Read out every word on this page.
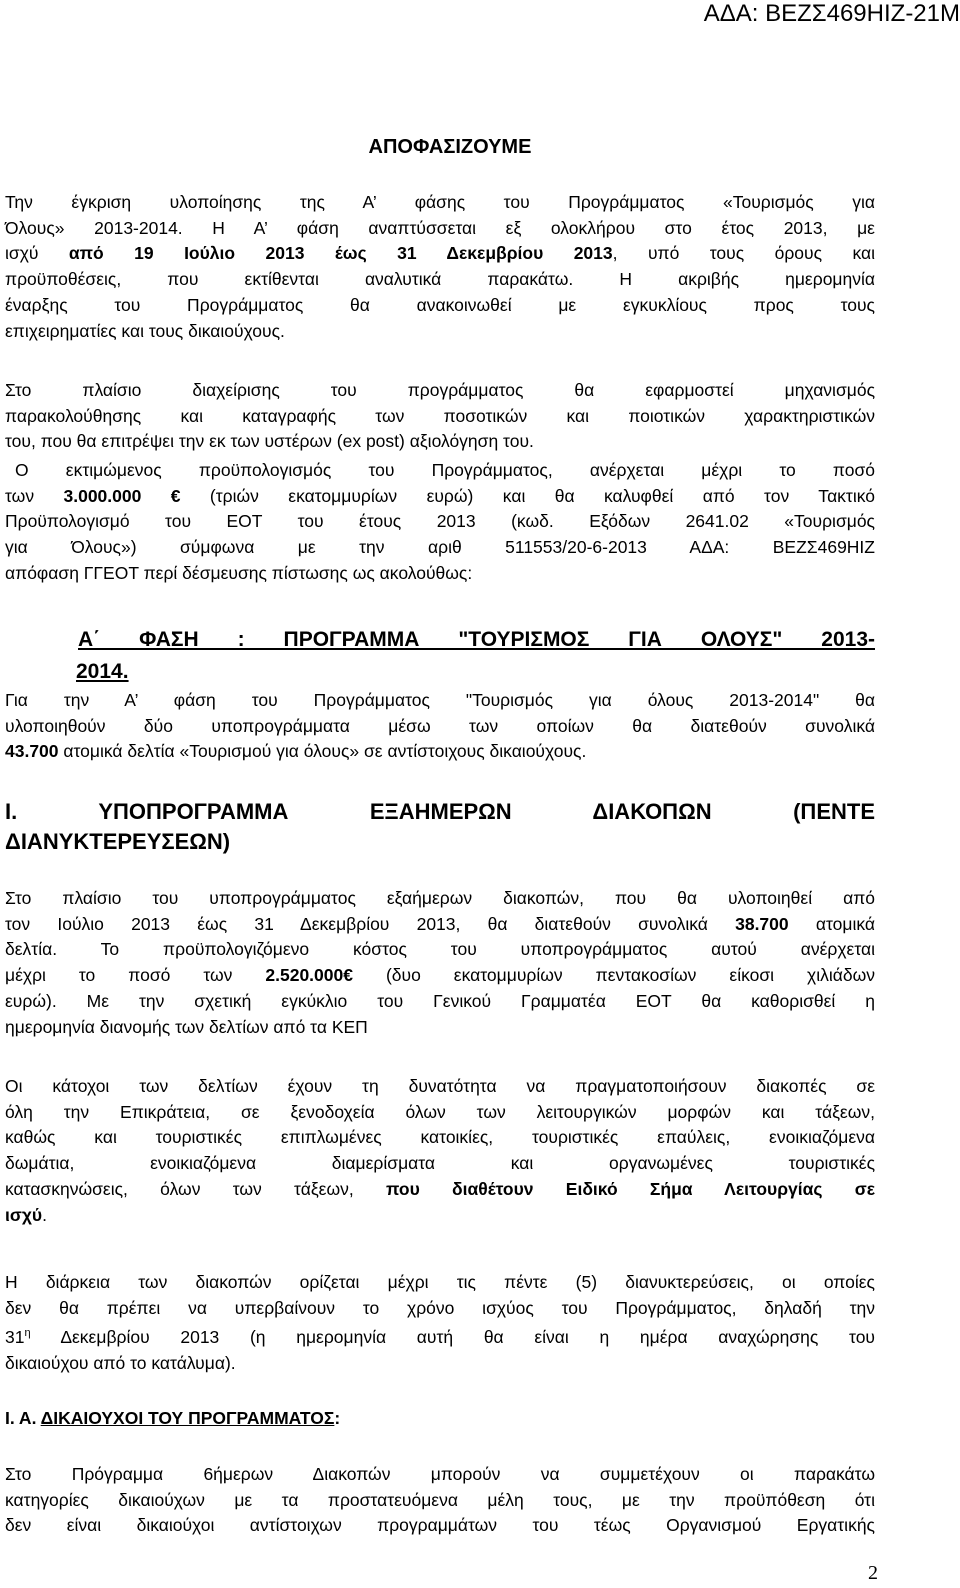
ΑΔΑ: ΒΕΖΣ469ΗΙΖ-21Μ
ΑΠΟΦΑΣΙΖΟΥΜΕ
Την έγκριση υλοποίησης της Α’ φάσης του Προγράμματος «Τουρισμός για
Όλους» 2013-2014. Η Α’ φάση αναπτύσσεται εξ ολοκλήρου στο έτος 2013, με
ισχύ από 19 Ιούλιο 2013 έως 31 Δεκεμβρίου 2013, υπό τους όρους και
προϋποθέσεις, που εκτίθενται αναλυτικά παρακάτω. Η ακριβής ημερομηνία
έναρξης του Προγράμματος θα ανακοινωθεί με εγκυκλίους προς τους
επιχειρηματίες και τους δικαιούχους.
Στο πλαίσιο διαχείρισης του προγράμματος θα εφαρμοστεί μηχανισμός
παρακολούθησης και καταγραφής των ποσοτικών και ποιοτικών χαρακτηριστικών
του, που θα επιτρέψει την εκ των υστέρων (ex post) αξιολόγηση του.
Ο εκτιμώμενος προϋπολογισμός του Προγράμματος, ανέρχεται μέχρι το ποσό
των 3.000.000 € (τριών εκατομμυρίων ευρώ) και θα καλυφθεί από τον Τακτικό
Προϋπολογισμό του ΕΟΤ του έτους 2013 (κωδ. Εξόδων 2641.02 «Τουρισμός
για Όλους») σύμφωνα με την αριθ 511553/20-6-2013 ΑΔΑ: ΒΕΖΣ469ΗΙΖ
απόφαση ΓΓΕΟΤ περί δέσμευσης πίστωσης ως ακολούθως:
Α΄ ΦΑΣΗ : ΠΡΟΓΡΑΜΜΑ "ΤΟΥΡΙΣΜΟΣ ΓΙΑ ΟΛΟΥΣ" 2013-
2014.
Για την Α’ φάση του Προγράμματος "Τουρισμός για όλους 2013-2014" θα
υλοποιηθούν δύο υποπρογράμματα μέσω των οποίων θα διατεθούν συνολικά
43.700 ατομικά δελτία «Τουρισμού για όλους» σε αντίστοιχους δικαιούχους.
Ι. ΥΠΟΠΡΟΓΡΑΜΜΑ ΕΞΑΗΜΕΡΩΝ ΔΙΑΚΟΠΩΝ (ΠΕΝΤΕ
ΔΙΑΝΥΚΤΕΡΕΥΣΕΩΝ)
Στο πλαίσιο του υποπρογράμματος εξαήμερων διακοπών, που θα υλοποιηθεί από
τον Ιούλιο 2013 έως 31 Δεκεμβρίου 2013, θα διατεθούν συνολικά 38.700 ατομικά
δελτία. Το προϋπολογιζόμενο κόστος του υποπρογράμματος αυτού ανέρχεται
μέχρι το ποσό των 2.520.000€ (δυο εκατομμυρίων πεντακοσίων είκοσι χιλιάδων
ευρώ). Με την σχετική εγκύκλιο του Γενικού Γραμματέα ΕΟΤ θα καθορισθεί η
ημερομηνία διανομής των δελτίων από τα ΚΕΠ
Οι κάτοχοι των δελτίων έχουν τη δυνατότητα να πραγματοποιήσουν διακοπές σε
όλη την Επικράτεια, σε ξενοδοχεία όλων των λειτουργικών μορφών και τάξεων,
καθώς και τουριστικές επιπλωμένες κατοικίες, τουριστικές επαύλεις, ενοικιαζόμενα
δωμάτια, ενοικιαζόμενα διαμερίσματα και οργανωμένες τουριστικές
κατασκηνώσεις, όλων των τάξεων, που διαθέτουν Ειδικό Σήμα Λειτουργίας σε
ισχύ.
Η διάρκεια των διακοπών ορίζεται μέχρι τις πέντε (5) διανυκτερεύσεις, οι οποίες
δεν θα πρέπει να υπερβαίνουν το χρόνο ισχύος του Προγράμματος, δηλαδή την
$31^\eta$ Δεκεμβρίου 2013 (η ημερομηνία αυτή θα είναι η ημέρα αναχώρησης του
δικαιούχου από το κατάλυμα).
Ι. Α. ΔΙΚΑΙΟΥΧΟΙ ΤΟΥ ΠΡΟΓΡΑΜΜΑΤΟΣ:
Στο Πρόγραμμα 6ήμερων Διακοπών μπορούν να συμμετέχουν οι παρακάτω
κατηγορίες δικαιούχων με τα προστατευόμενα μέλη τους, με την προϋπόθεση ότι
δεν είναι δικαιούχοι αντίστοιχων προγραμμάτων του τέως Οργανισμού Εργατικής
2
